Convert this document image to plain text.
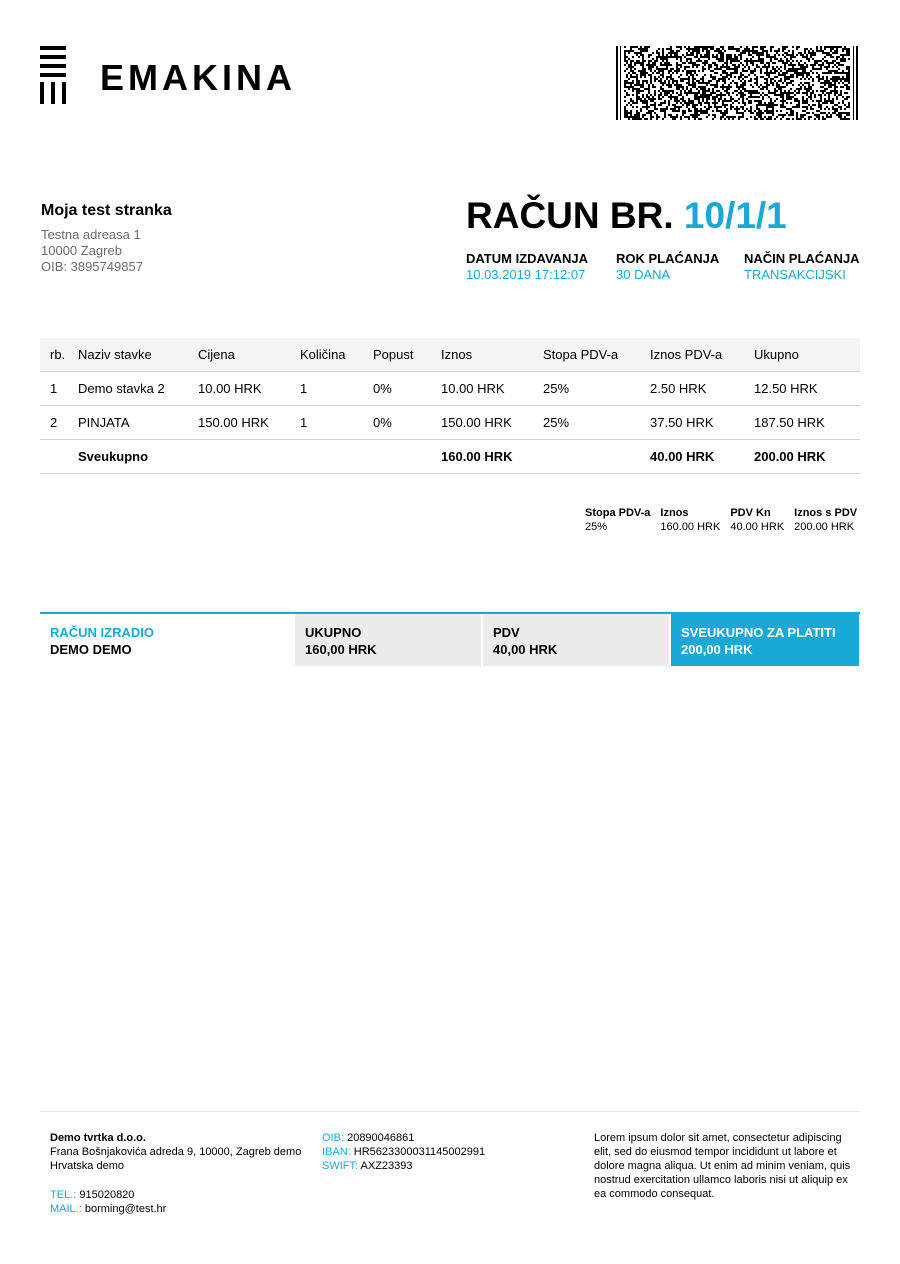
EMAKINA
Moja test stranka
Testna adreasa 1
10000 Zagreb
OIB: 3895749857
RAČUN BR. 10/1/1
DATUM IZDAVANJA
10.03.2019 17:12:07
ROK PLAĆANJA
30 DANA
NAČIN PLAĆANJA
TRANSAKCIJSKI
rb.	Naziv stavke	Cijena	Količina	Popust	Iznos	Stopa PDV-a	Iznos PDV-a	Ukupno
1	Demo stavka 2	10.00 HRK	1	0%	10.00 HRK	25%	2.50 HRK	12.50 HRK
2	PINJATA	150.00 HRK	1	0%	150.00 HRK	25%	37.50 HRK	187.50 HRK
	Sveukupno				160.00 HRK		40.00 HRK	200.00 HRK
Stopa PDV-a	Iznos	PDV Kn	Iznos s PDV
25%	160.00 HRK	40.00 HRK	200.00 HRK
RAČUN IZRADIO
DEMO DEMO
UKUPNO
160,00 HRK
PDV
40,00 HRK
SVEUKUPNO ZA PLATITI
200,00 HRK
Demo tvrtka d.o.o.
Frana Bošnjakovića adreda 9, 10000, Zagreb demo
Hrvatska demo
TEL.: 915020820
MAIL.: borming@test.hr
OIB: 20890046861
IBAN: HR5623300031145002991
SWIFT: AXZ23393
Lorem ipsum dolor sit amet, consectetur adipiscing elit, sed do eiusmod tempor incididunt ut labore et dolore magna aliqua. Ut enim ad minim veniam, quis nostrud exercitation ullamco laboris nisi ut aliquip ex ea commodo consequat.
